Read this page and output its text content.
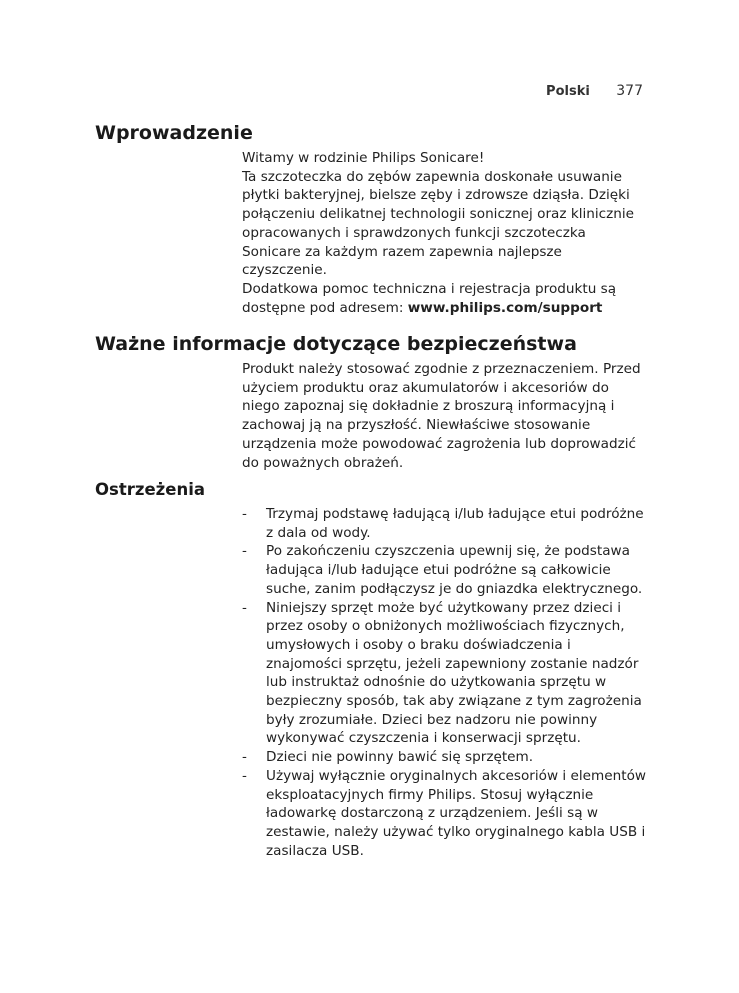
Polski 377
Wprowadzenie

Witamy w rodzinie Philips Sonicare!

Ta szczoteczka do zębów zapewnia doskonałe usuwanie płytki bakteryjnej, bielsze zęby i zdrowsze dziąsła. Dzięki połączeniu delikatnej technologii sonicznej oraz klinicznie opracowanych i sprawdzonych funkcji szczoteczka Sonicare za każdym razem zapewnia najlepsze czyszczenie.

Dodatkowa pomoc techniczna i rejestracja produktu są dostępne pod adresem: www.philips.com/support

Ważne informacje dotyczące bezpieczeństwa

Produkt należy stosować zgodnie z przeznaczeniem. Przed użyciem produktu oraz akumulatorów i akcesoriów do niego zapoznaj się dokładnie z broszurą informacyjną i zachowaj ją na przyszłość. Niewłaściwe stosowanie urządzenia może powodować zagrożenia lub doprowadzić do poważnych obrażeń.

Ostrzeżenia
- Trzymaj podstawę ładującą i/lub ładujące etui podróżne z dala od wody.
- Po zakończeniu czyszczenia upewnij się, że podstawa ładująca i/lub ładujące etui podróżne są całkowicie suche, zanim podłączysz je do gniazdka elektrycznego.
- Niniejszy sprzęt może być użytkowany przez dzieci i przez osoby o obniżonych możliwościach fizycznych, umysłowych i osoby o braku doświadczenia i znajomości sprzętu, jeżeli zapewniony zostanie nadzór lub instruktaż odnośnie do użytkowania sprzętu w bezpieczny sposób, tak aby związane z tym zagrożenia były zrozumiałe. Dzieci bez nadzoru nie powinny wykonywać czyszczenia i konserwacji sprzętu.
- Dzieci nie powinny bawić się sprzętem.
- Używaj wyłącznie oryginalnych akcesoriów i elementów eksploatacyjnych firmy Philips. Stosuj wyłącznie ładowarkę dostarczoną z urządzeniem. Jeśli są w zestawie, należy używać tylko oryginalnego kabla USB i zasilacza USB.
